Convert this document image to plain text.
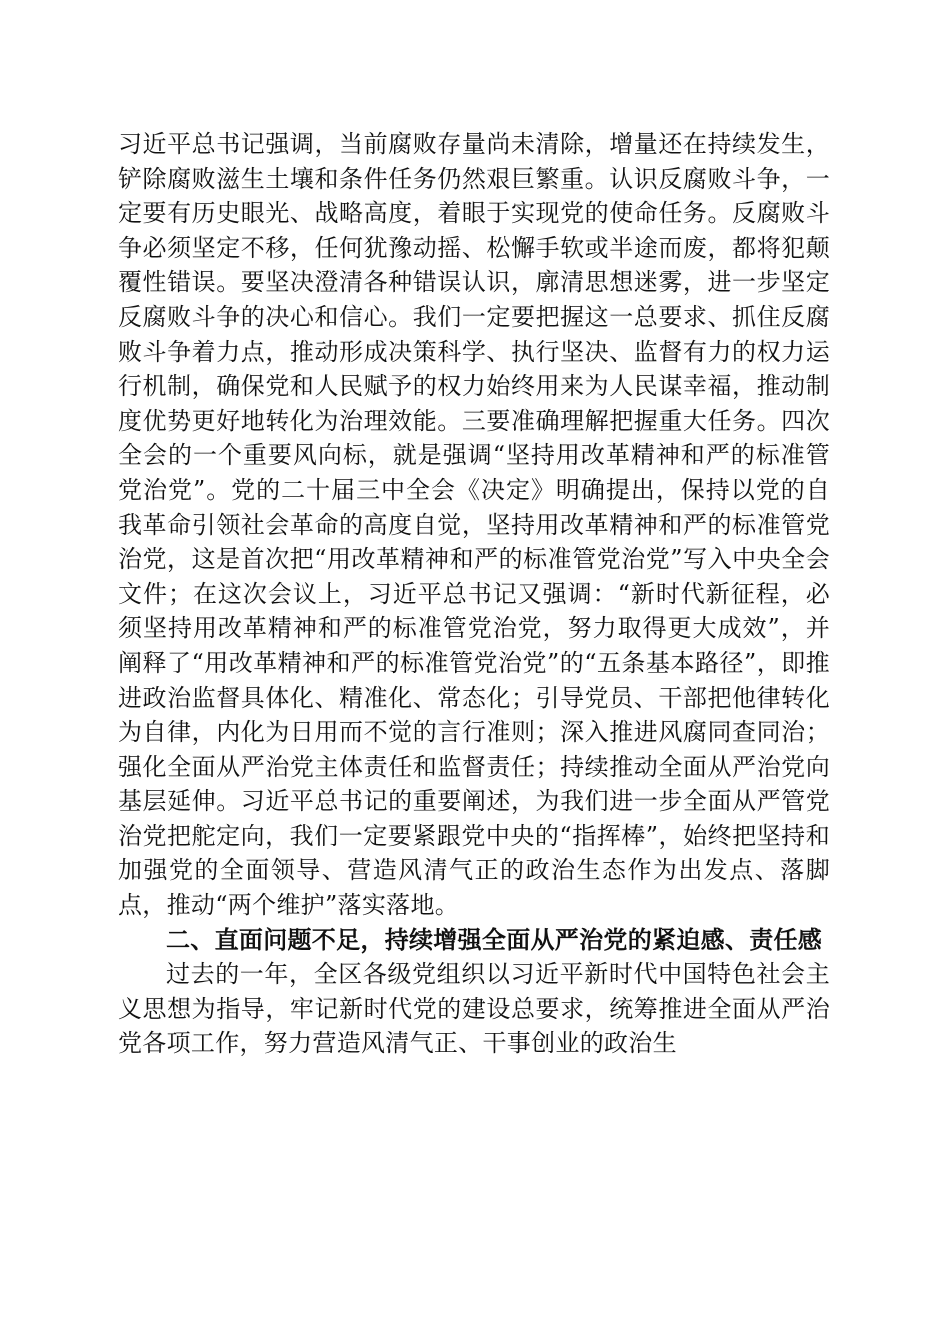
习近平总书记强调，当前腐败存量尚未清除，增量还在持续发生，铲除腐败滋生土壤和条件任务仍然艰巨繁重。认识反腐败斗争，一定要有历史眼光、战略高度，着眼于实现党的使命任务。反腐败斗争必须坚定不移，任何犹豫动摇、松懈手软或半途而废，都将犯颠覆性错误。要坚决澄清各种错误认识，廓清思想迷雾，进一步坚定反腐败斗争的决心和信心。我们一定要把握这一总要求、抓住反腐败斗争着力点，推动形成决策科学、执行坚决、监督有力的权力运行机制，确保党和人民赋予的权力始终用来为人民谋幸福，推动制度优势更好地转化为治理效能。三要准确理解把握重大任务。四次全会的一个重要风向标，就是强调“坚持用改革精神和严的标准管党治党”。党的二十届三中全会《决定》明确提出，保持以党的自我革命引领社会革命的高度自觉，坚持用改革精神和严的标准管党治党，这是首次把“用改革精神和严的标准管党治党”写入中央全会文件；在这次会议上，习近平总书记又强调：“新时代新征程，必须坚持用改革精神和严的标准管党治党，努力取得更大成效”，并阐释了“用改革精神和严的标准管党治党”的“五条基本路径”，即推进政治监督具体化、精准化、常态化；引导党员、干部把他律转化为自律，内化为日用而不觉的言行准则；深入推进风腐同查同治；强化全面从严治党主体责任和监督责任；持续推动全面从严治党向基层延伸。习近平总书记的重要阐述，为我们进一步全面从严管党治党把舵定向，我们一定要紧跟党中央的“指挥棒”，始终把坚持和加强党的全面领导、营造风清气正的政治生态作为出发点、落脚点，推动“两个维护”落实落地。

二、直面问题不足，持续增强全面从严治党的紧迫感、责任感

过去的一年，全区各级党组织以习近平新时代中国特色社会主义思想为指导，牢记新时代党的建设总要求，统筹推进全面从严治党各项工作，努力营造风清气正、干事创业的政治生
